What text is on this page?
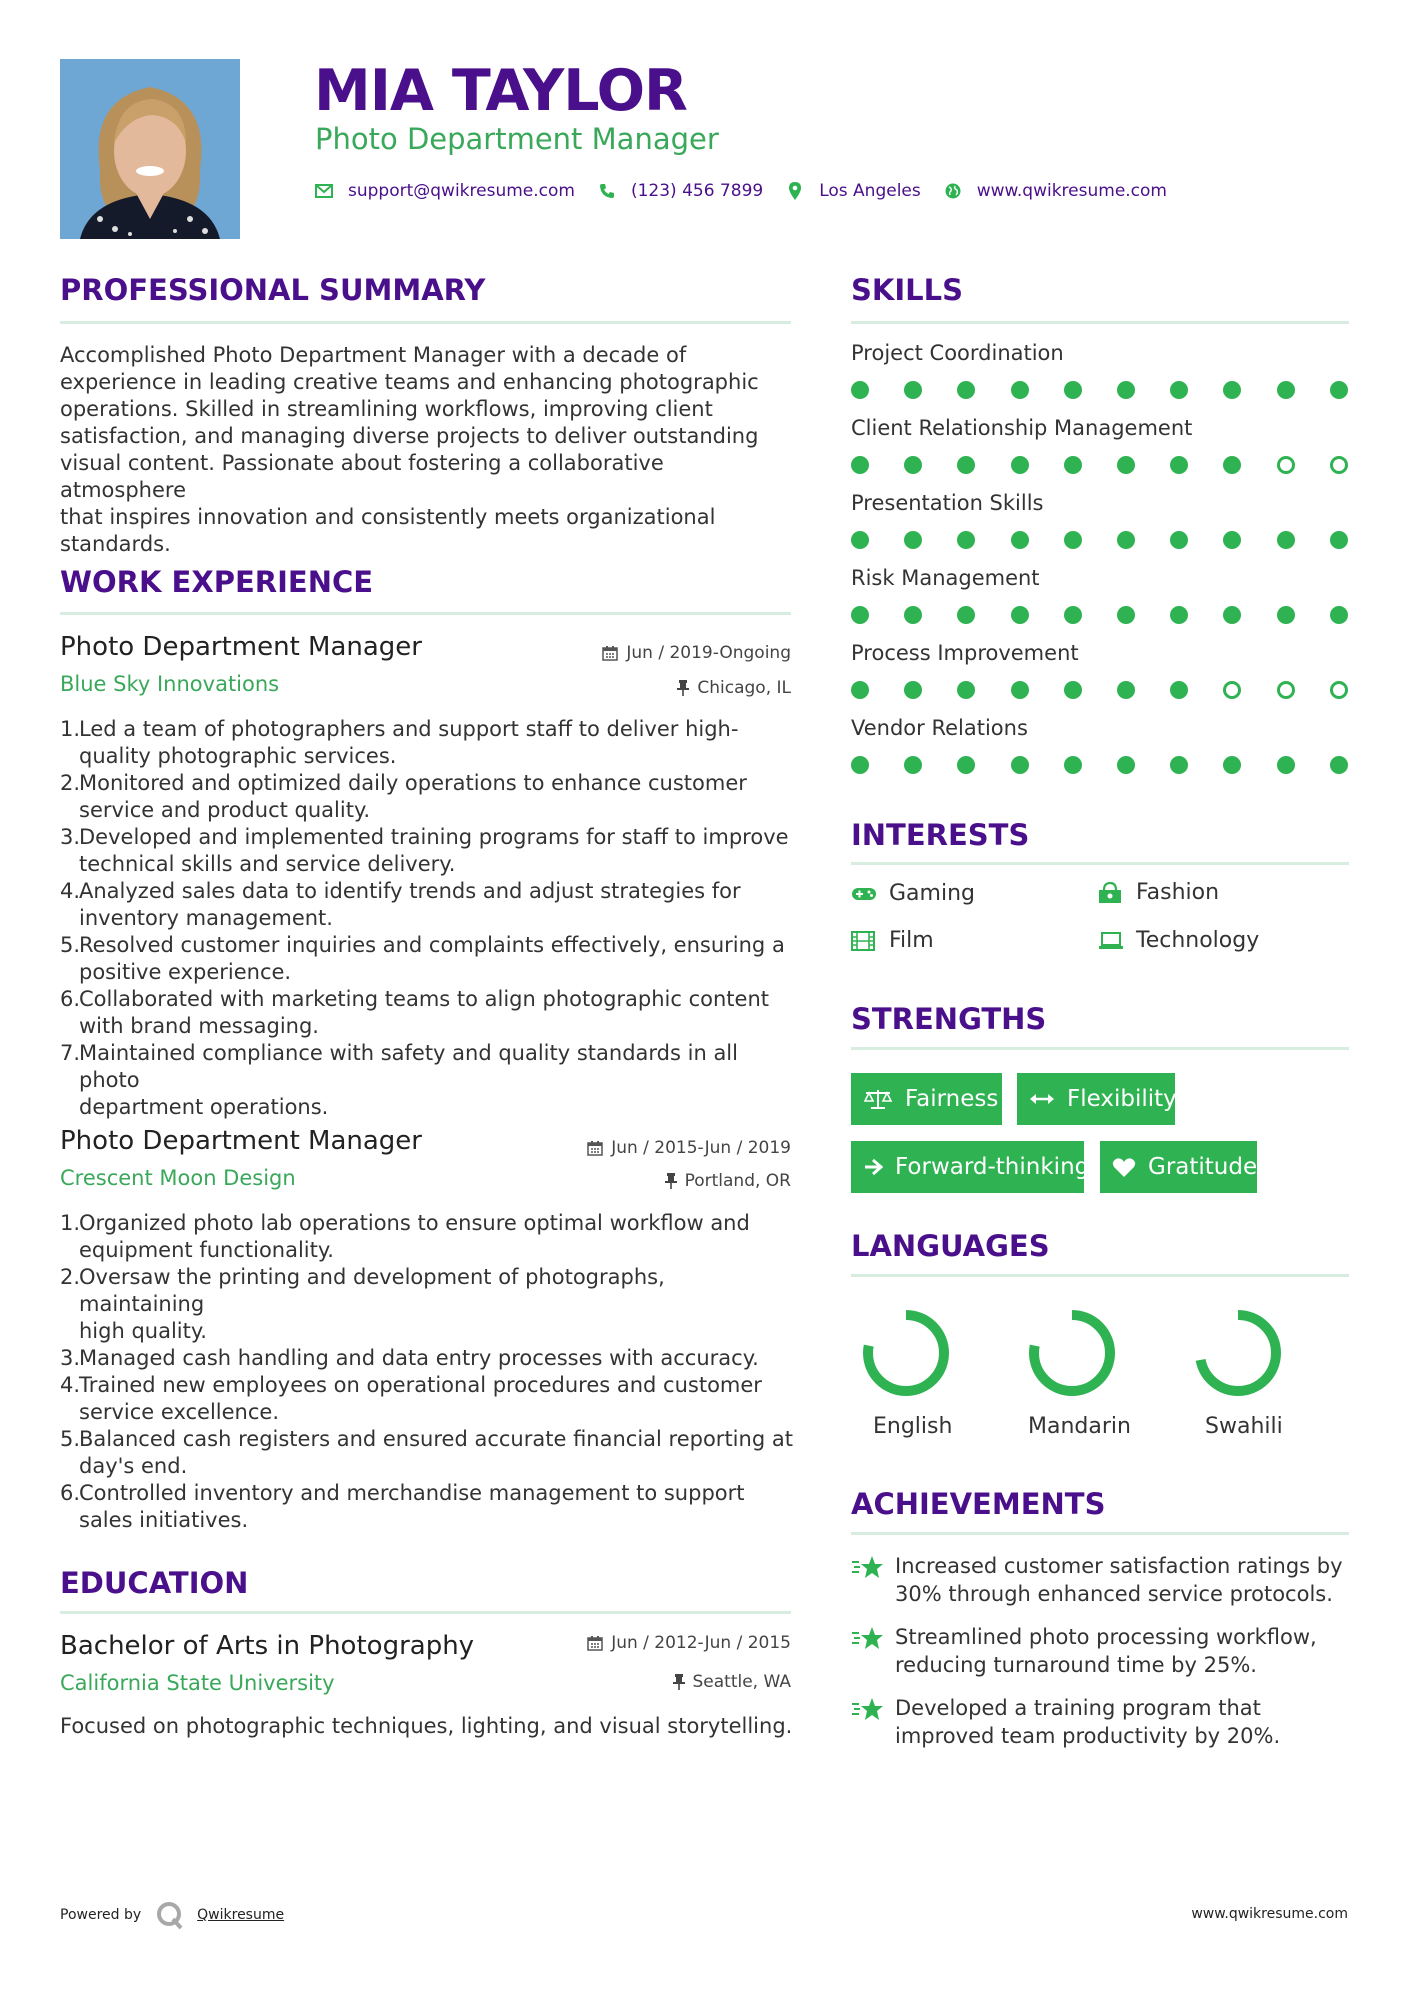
MIA TAYLOR
Photo Department Manager
support@qwikresume.com	(123) 456 7899	Los Angeles	www.qwikresume.com
PROFESSIONAL SUMMARY
Accomplished Photo Department Manager with a decade of
experience in leading creative teams and enhancing photographic
operations. Skilled in streamlining workflows, improving client
satisfaction, and managing diverse projects to deliver outstanding
visual content. Passionate about fostering a collaborative atmosphere
that inspires innovation and consistently meets organizational
standards.
WORK EXPERIENCE
Photo Department Manager
Blue Sky Innovations
Jun / 2019-Ongoing
Chicago, IL
1.
Led a team of photographers and support staff to deliver high-
quality photographic services.
2.
Monitored and optimized daily operations to enhance customer
service and product quality.
3.
Developed and implemented training programs for staff to improve
technical skills and service delivery.
4.
Analyzed sales data to identify trends and adjust strategies for
inventory management.
5.
Resolved customer inquiries and complaints effectively, ensuring a
positive experience.
6.
Collaborated with marketing teams to align photographic content
with brand messaging.
7.
Maintained compliance with safety and quality standards in all photo
department operations.
Photo Department Manager
Crescent Moon Design
Jun / 2015-Jun / 2019
Portland, OR
1.
Organized photo lab operations to ensure optimal workflow and
equipment functionality.
2.
Oversaw the printing and development of photographs, maintaining
high quality.
3.
Managed cash handling and data entry processes with accuracy.
4.
Trained new employees on operational procedures and customer
service excellence.
5.
Balanced cash registers and ensured accurate financial reporting at
day's end.
6.
Controlled inventory and merchandise management to support
sales initiatives.
EDUCATION
Bachelor of Arts in Photography
California State University
Jun / 2012-Jun / 2015
Seattle, WA
Focused on photographic techniques, lighting, and visual storytelling.
SKILLS
Project Coordination
Client Relationship Management
Presentation Skills
Risk Management
Process Improvement
Vendor Relations
INTERESTS
Gaming	Fashion
Film	Technology
STRENGTHS
Fairness	Flexibility
Forward-thinking	Gratitude
LANGUAGES
English	Mandarin	Swahili
ACHIEVEMENTS
Increased customer satisfaction ratings by
30% through enhanced service protocols.
Streamlined photo processing workflow,
reducing turnaround time by 25%.
Developed a training program that
improved team productivity by 20%.
Powered by	Qwikresume	www.qwikresume.com
